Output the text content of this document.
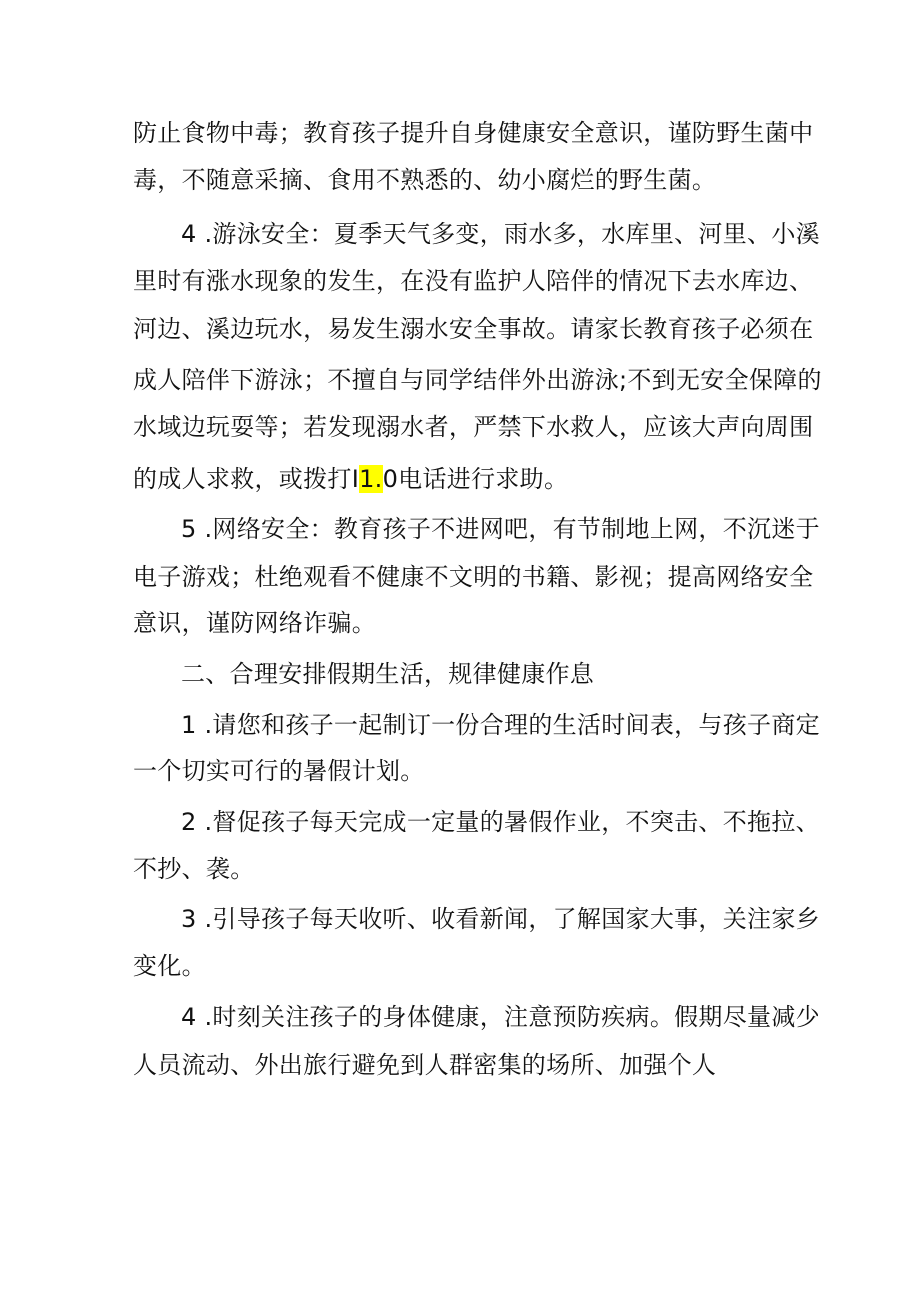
防止食物中毒；教育孩子提升自身健康安全意识，谨防野生菌中
毒，不随意采摘、食用不熟悉的、幼小腐烂的野生菌。
4 .游泳安全：夏季天气多变，雨水多，水库里、河里、小溪
里时有涨水现象的发生，在没有监护人陪伴的情况下去水库边、
河边、溪边玩水，易发生溺水安全事故。请家长教育孩子必须在
成人陪伴下游泳；不擅自与同学结伴外出游泳;不到无安全保障的
水域边玩耍等；若发现溺水者，严禁下水救人，应该大声向周围
的成人求救，或拨打I1.0电话进行求助。
5 .网络安全：教育孩子不进网吧，有节制地上网，不沉迷于
电子游戏；杜绝观看不健康不文明的书籍、影视；提高网络安全
意识，谨防网络诈骗。
二、合理安排假期生活，规律健康作息
1 .请您和孩子一起制订一份合理的生活时间表，与孩子商定
一个切实可行的暑假计划。
2 .督促孩子每天完成一定量的暑假作业，不突击、不拖拉、
不抄、袭。
3 .引导孩子每天收听、收看新闻，了解国家大事，关注家乡
变化。
4 .时刻关注孩子的身体健康，注意预防疾病。假期尽量减少
人员流动、外出旅行避免到人群密集的场所、加强个人
